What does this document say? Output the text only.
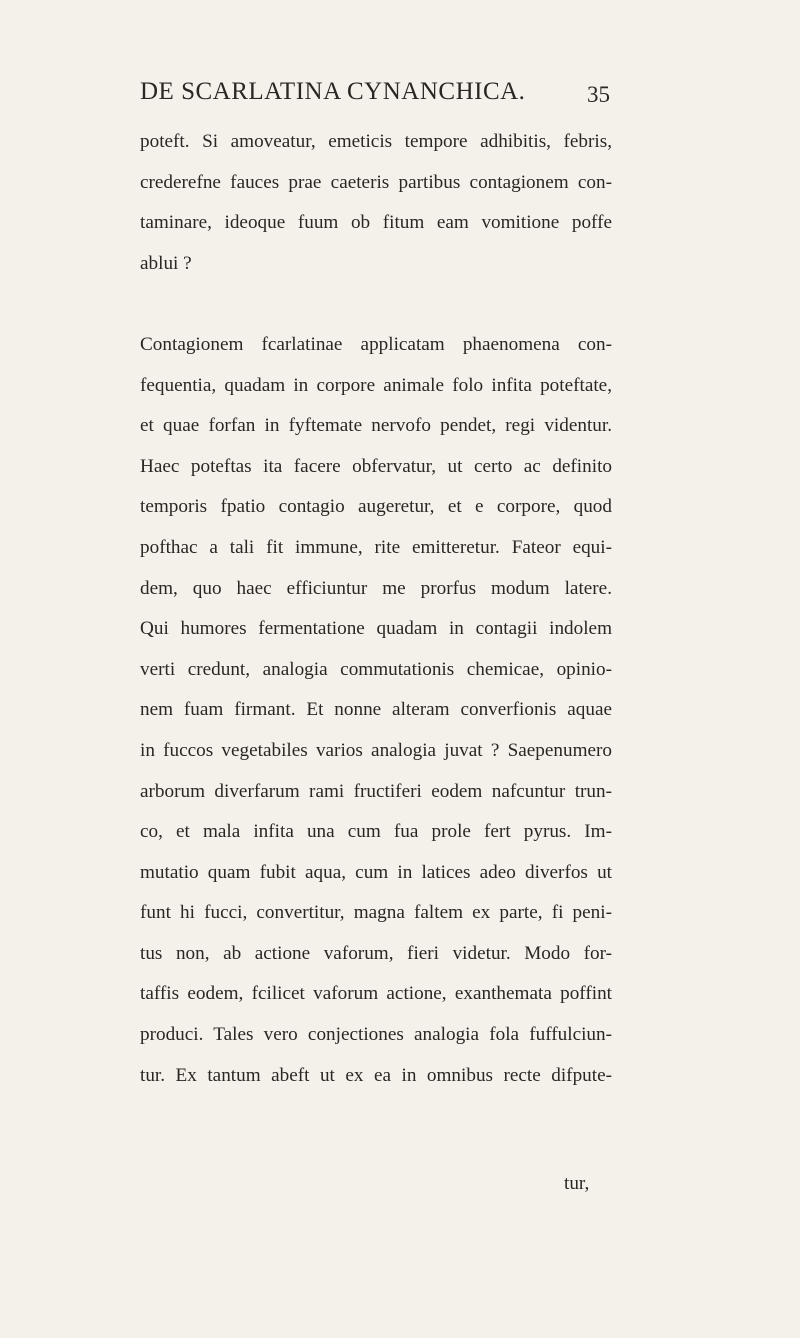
DE SCARLATINA CYNANCHICA.	35
poteft. Si amoveatur, emeticis tempore adhibitis, febris,
crederefne fauces prae caeteris partibus contagionem con-
taminare, ideoque fuum ob fitum eam vomitione poffe
ablui ?
Contagionem fcarlatinae applicatam phaenomena con-
fequentia, quadam in corpore animale folo infita poteftate,
et quae forfan in fyftemate nervofo pendet, regi videntur.
Haec poteftas ita facere obfervatur, ut certo ac definito
temporis fpatio contagio augeretur, et e corpore, quod
pofthac a tali fit immune, rite emitteretur. Fateor equi-
dem, quo haec efficiuntur me prorfus modum latere.
Qui humores fermentatione quadam in contagii indolem
verti credunt, analogia commutationis chemicae, opinio-
nem fuam firmant. Et nonne alteram converfionis aquae
in fuccos vegetabiles varios analogia juvat ? Saepenumero
arborum diverfarum rami fructiferi eodem nafcuntur trun-
co, et mala infita una cum fua prole fert pyrus. Im-
mutatio quam fubit aqua, cum in latices adeo diverfos ut
funt hi fucci, convertitur, magna faltem ex parte, fi peni-
tus non, ab actione vaforum, fieri videtur. Modo for-
taffis eodem, fcilicet vaforum actione, exanthemata poffint
produci. Tales vero conjectiones analogia fola fuffulciun-
tur. Ex tantum abeft ut ex ea in omnibus recte difpute-
tur,
